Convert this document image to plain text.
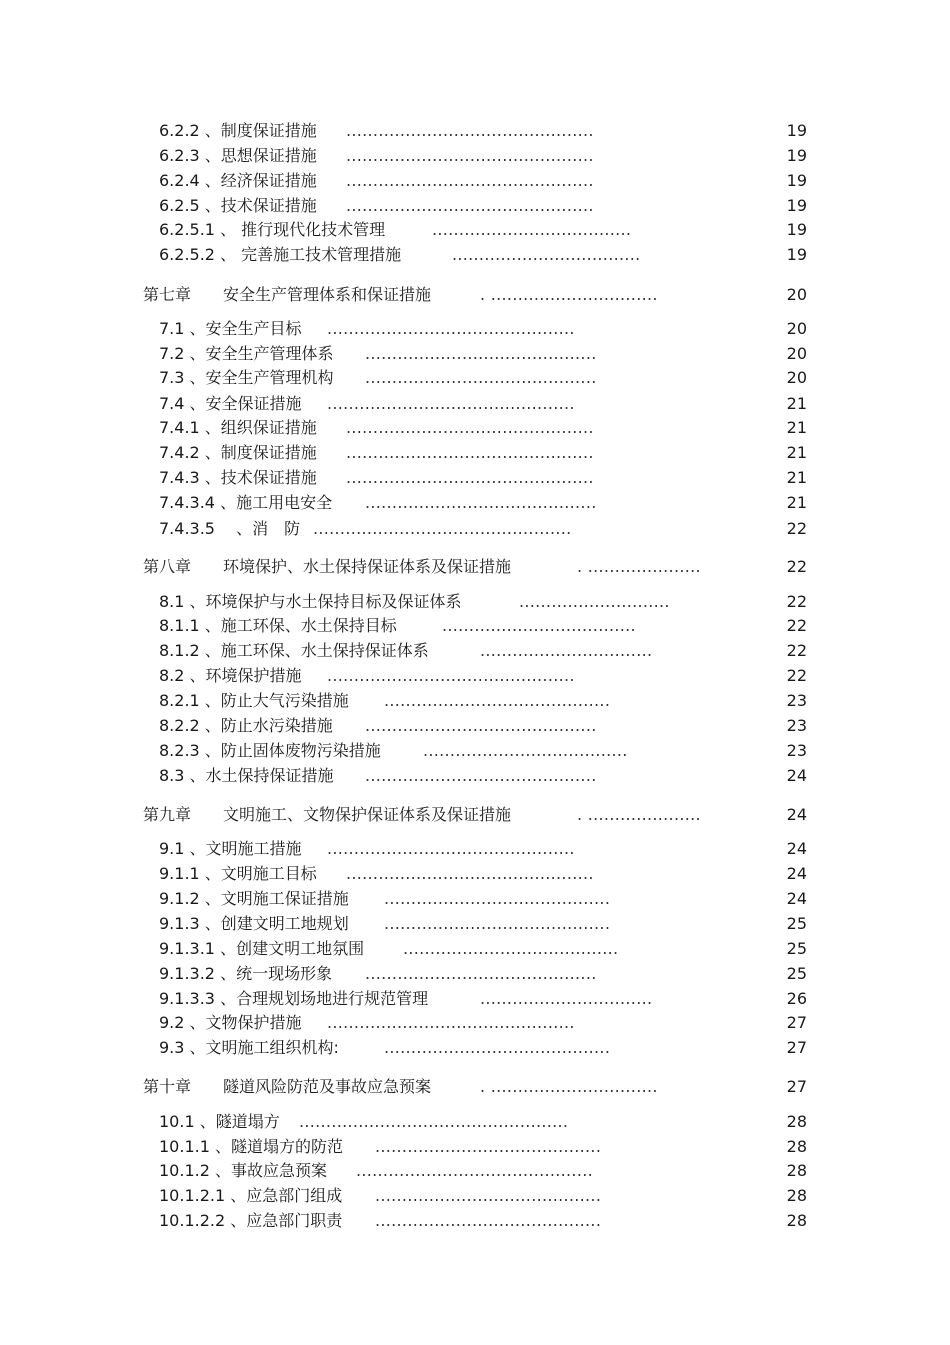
6.2.2 、制度保证措施 ..............................................	19
6.2.3 、思想保证措施 ..............................................	19
6.2.4 、经济保证措施 ..............................................	19
6.2.5 、技术保证措施 ..............................................	19
6.2.5.1 、 推行现代化技术管理	.....................................	19
6.2.5.2 、 完善施工技术管理措施	...................................	19
第七章　　安全生产管理体系和保证措施	. ...............................	20
7.1 、安全生产目标 ..............................................	20
7.2 、安全生产管理体系 ...........................................	20
7.3 、安全生产管理机构 ...........................................	20
7.4 、安全保证措施 ..............................................	21
7.4.1 、组织保证措施 ..............................................	21
7.4.2 、制度保证措施 ..............................................	21
7.4.3 、技术保证措施 ..............................................	21
7.4.3.4 、施工用电安全 ...........................................	21
7.4.3.5 　、消　防 ................................................	22
第八章　　环境保护、水土保持保证体系及保证措施	. .....................	22
8.1 、环境保护与水土保持目标及保证体系	............................	22
8.1.1 、施工环保、水土保持目标	....................................	22
8.1.2 、施工环保、水土保持保证体系	................................	22
8.2 、环境保护措施 ..............................................	22
8.2.1 、防止大气污染措施 ..........................................	23
8.2.2 、防止水污染措施 ...........................................	23
8.2.3 、防止固体废物污染措施	......................................	23
8.3 、水土保持保证措施 ...........................................	24
第九章　　文明施工、文物保护保证体系及保证措施	. .....................	24
9.1 、文明施工措施 ..............................................	24
9.1.1 、文明施工目标 ..............................................	24
9.1.2 、文明施工保证措施 ..........................................	24
9.1.3 、创建文明工地规划 ..........................................	25
9.1.3.1 、创建文明工地氛围 ........................................	25
9.1.3.2 、统一现场形象 ...........................................	25
9.1.3.3 、合理规划场地进行规范管理	................................	26
9.2 、文物保护措施 ..............................................	27
9.3 、文明施工组织机构:	..........................................	27
第十章　　隧道风险防范及事故应急预案	. ...............................	27
10.1 、隧道塌方 ..................................................	28
10.1.1 、隧道塌方的防范 ..........................................	28
10.1.2 、事故应急预案 ............................................	28
10.1.2.1 、应急部门组成 ..........................................	28
10.1.2.2 、应急部门职责 ..........................................	28
